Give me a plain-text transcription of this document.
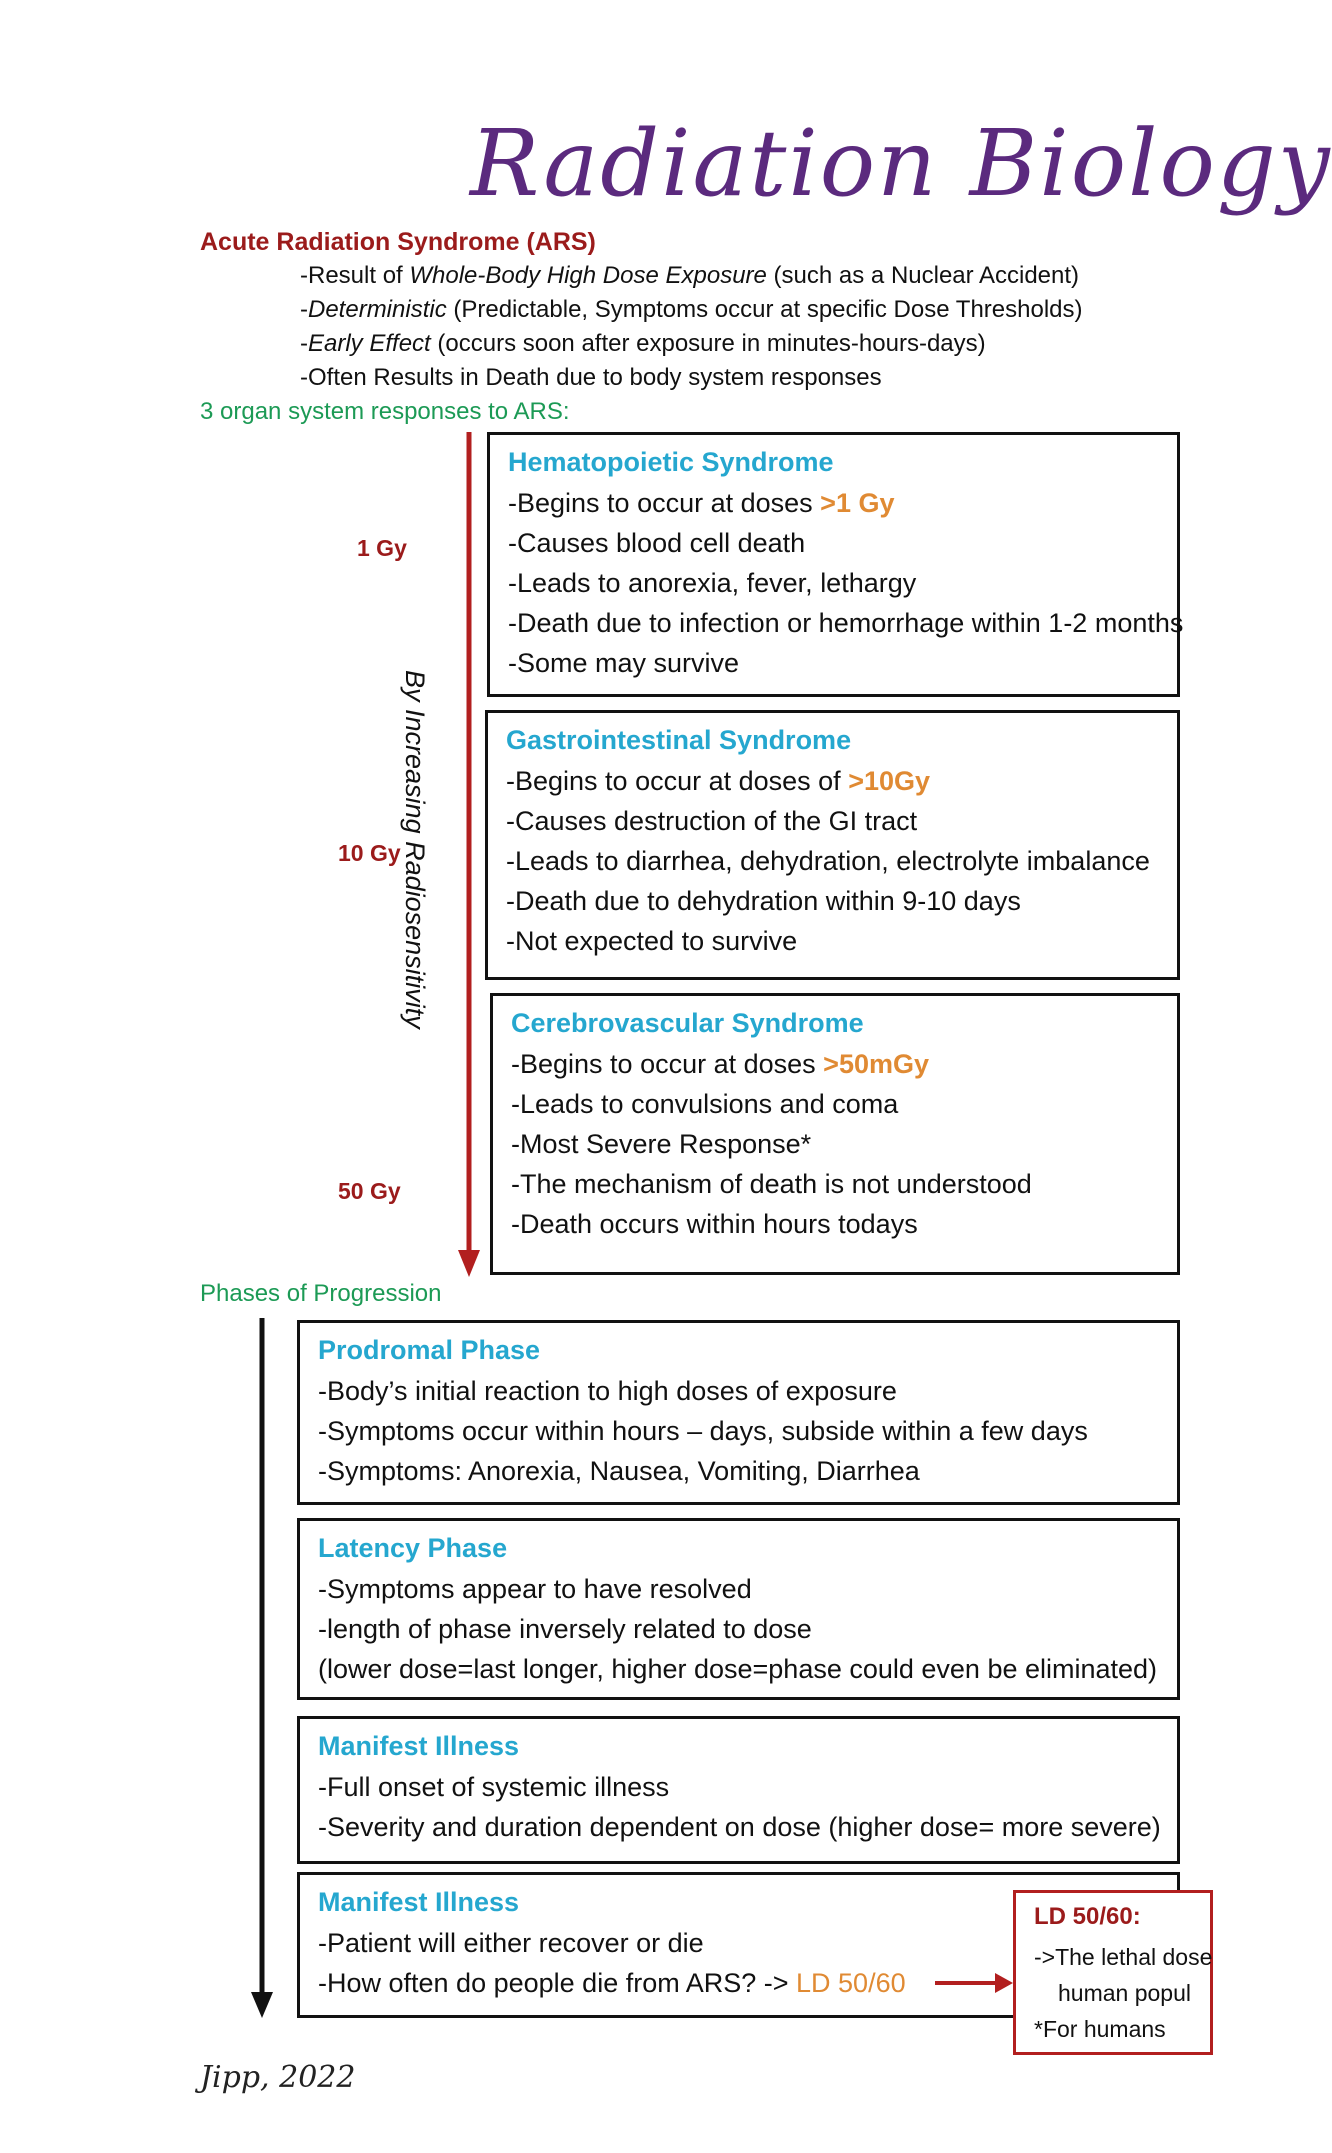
Radiation Biology
Acute Radiation Syndrome (ARS)
-Result of Whole-Body High Dose Exposure (such as a Nuclear Accident)
-Deterministic (Predictable, Symptoms occur at specific Dose Thresholds)
-Early Effect (occurs soon after exposure in minutes-hours-days)
-Often Results in Death due to body system responses
3 organ system responses to ARS:
By Increasing Radiosensitivity
1 Gy
10 Gy
50 Gy
Hematopoietic Syndrome
-Begins to occur at doses >1 Gy
-Causes blood cell death
-Leads to anorexia, fever, lethargy
-Death due to infection or hemorrhage within 1-2 months
-Some may survive
Gastrointestinal Syndrome
-Begins to occur at doses of >10Gy
-Causes destruction of the GI tract
-Leads to diarrhea, dehydration, electrolyte imbalance
-Death due to dehydration within 9-10 days
-Not expected to survive
Cerebrovascular Syndrome
-Begins to occur at doses >50mGy
-Leads to convulsions and coma
-Most Severe Response*
-The mechanism of death is not understood
-Death occurs within hours todays
Phases of Progression
Prodromal Phase
-Body’s initial reaction to high doses of exposure
-Symptoms occur within hours – days, subside within a few days
-Symptoms: Anorexia, Nausea, Vomiting, Diarrhea
Latency Phase
-Symptoms appear to have resolved
-length of phase inversely related to dose
(lower dose=last longer, higher dose=phase could even be eliminated)
Manifest Illness
-Full onset of systemic illness
-Severity and duration dependent on dose (higher dose= more severe)
Manifest Illness
-Patient will either recover or die
-How often do people die from ARS? -> LD 50/60
LD 50/60:
->The lethal dose
human popul
*For humans
Jipp, 2022
